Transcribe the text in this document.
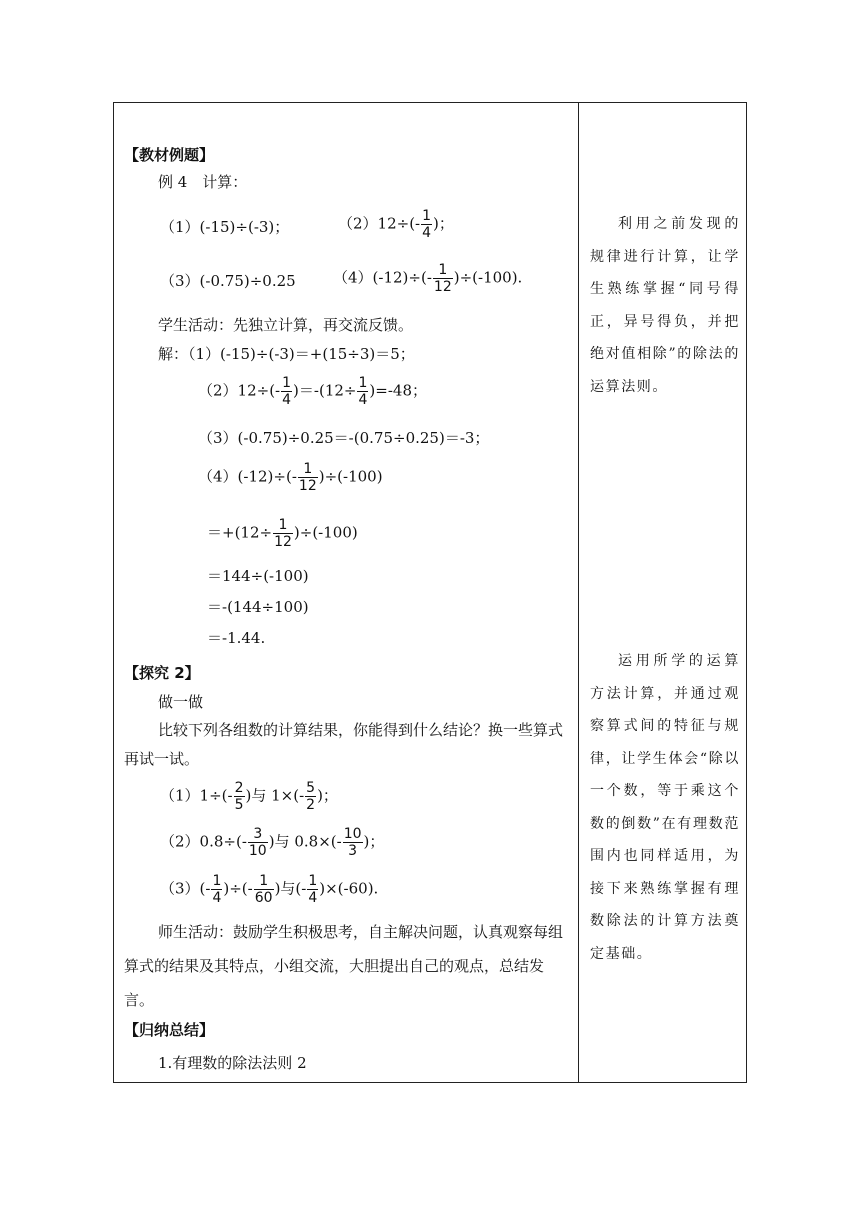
【教材例题】
例 4　计算：
（1）(-15)÷(-3)；	$(2)12\div(- \frac{1}{4}$ )；
（3）(-0.75)÷0.25 $(4)(-12)\div(- \frac{1}{12} )\div(-100)$.
学生活动：先独立计算，再交流反馈。
解：（1）(-15)÷(-3)＝+(15÷3)＝5；
$(2)12\div(- \frac{1}{4} )=-(12\div \frac{1}{4} )=-48$；
（3）(-0.75)÷0.25＝-(0.75÷0.25)＝-3；
$(4)(-12)\div(- \frac{1}{12} )\div(-100)$
$=+(12\div \frac{1}{12} )\div(-100)$
＝144÷(-100)
＝-(144÷100)
＝-1.44.
【探究 2】
做一做
比较下列各组数的计算结果，你能得到什么结论？换一些算式再试一试。
$(1)1\div(- \frac{2}{5}$ )与 $1\times(- \frac{5}{2}$ )；
$(2)0.8\div(- \frac{3}{10}$ )与 $0.8\times(- \frac{10}{3}$ )；
$(3)(- \frac{1}{4}$ )÷(- $\frac{1}{60}$ )与(- $\frac{1}{4} )\times(-60)$.
师生活动：鼓励学生积极思考，自主解决问题，认真观察每组算式的结果及其特点，小组交流，大胆提出自己的观点，总结发言。
【归纳总结】
1.有理数的除法法则 2
利用之前发现的规律进行计算，让学生熟练掌握“同号得正，异号得负，并把绝对值相除”的除法的运算法则。
运用所学的运算方法计算，并通过观察算式间的特征与规律，让学生体会“除以一个数，等于乘这个数的倒数”在有理数范围内也同样适用，为接下来熟练掌握有理数除法的计算方法奠定基础。
